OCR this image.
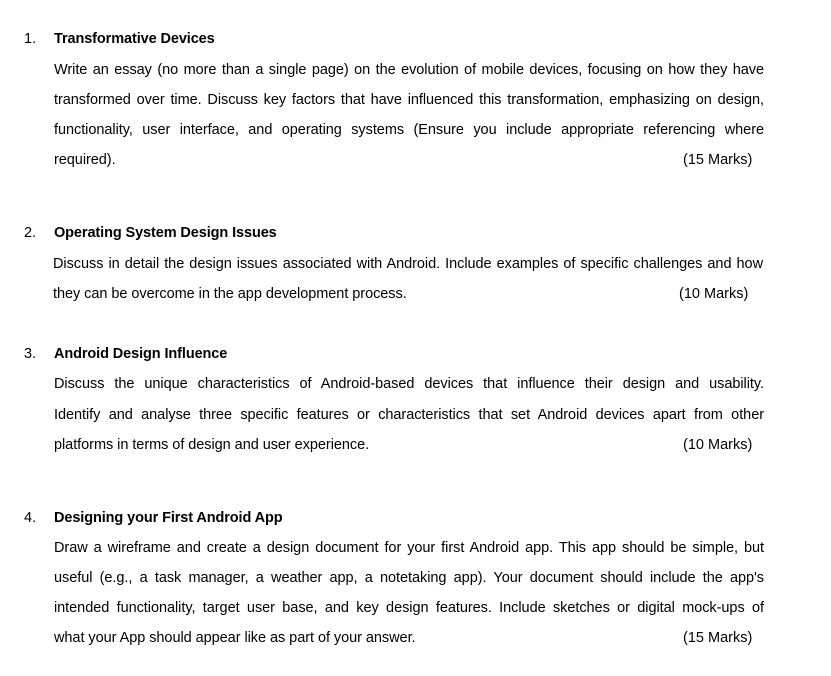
1. Transformative Devices
Write an essay (no more than a single page) on the evolution of mobile devices, focusing on how they have
transformed over time. Discuss key factors that have influenced this transformation, emphasizing on design,
functionality, user interface, and operating systems (Ensure you include appropriate referencing where
required).	(15 Marks)
2. Operating System Design Issues
Discuss in detail the design issues associated with Android. Include examples of specific challenges and how
they can be overcome in the app development process.	(10 Marks)
3. Android Design Influence
Discuss the unique characteristics of Android-based devices that influence their design and usability.
Identify and analyse three specific features or characteristics that set Android devices apart from other
platforms in terms of design and user experience.	(10 Marks)
4. Designing your First Android App
Draw a wireframe and create a design document for your first Android app. This app should be simple, but
useful (e.g., a task manager, a weather app, a notetaking app). Your document should include the app's
intended functionality, target user base, and key design features. Include sketches or digital mock-ups of
what your App should appear like as part of your answer.	(15 Marks)
